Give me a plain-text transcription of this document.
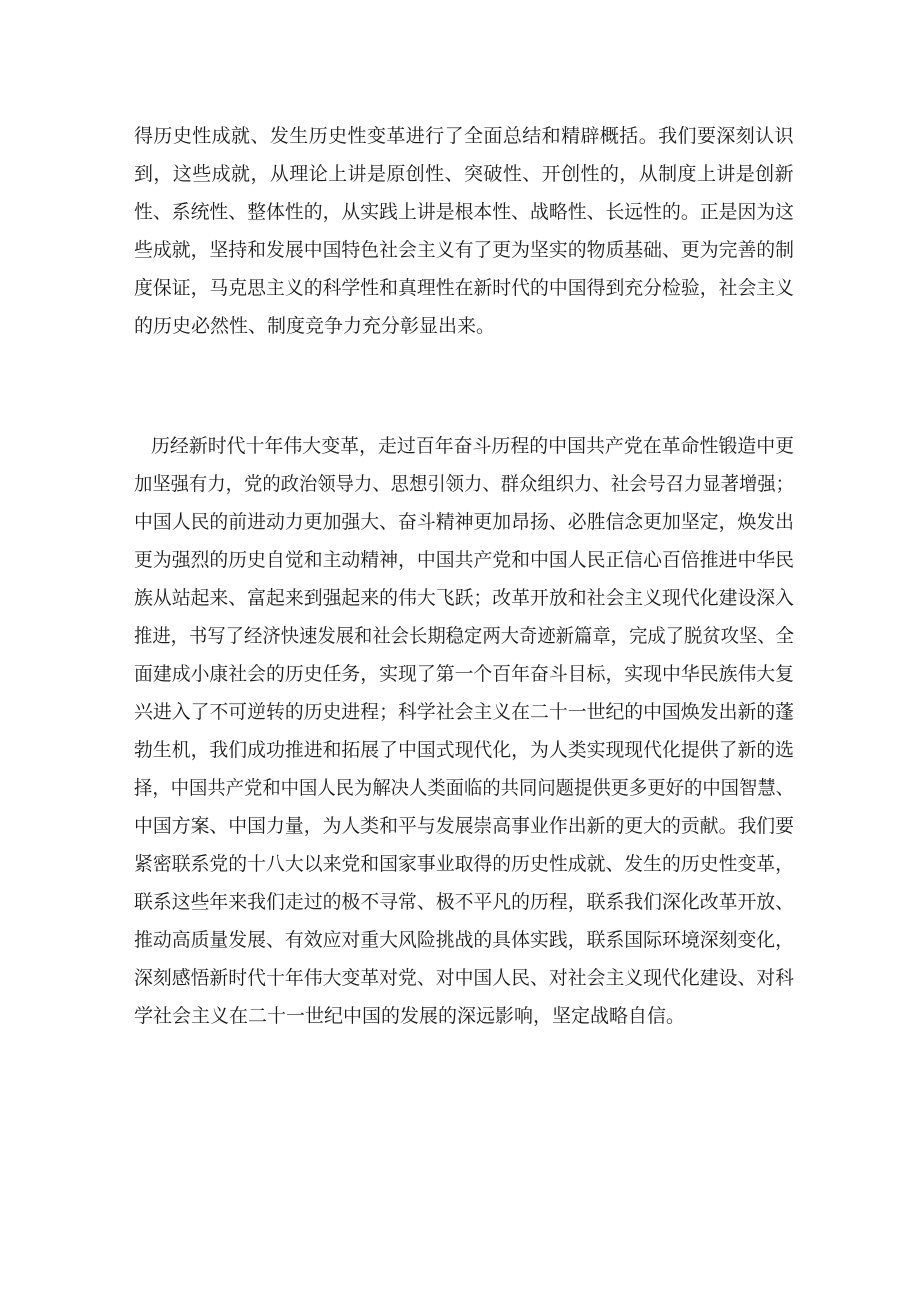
得历史性成就、发生历史性变革进行了全面总结和精辟概括。我们要深刻认识
到，这些成就，从理论上讲是原创性、突破性、开创性的，从制度上讲是创新
性、系统性、整体性的，从实践上讲是根本性、战略性、长远性的。正是因为这
些成就，坚持和发展中国特色社会主义有了更为坚实的物质基础、更为完善的制
度保证，马克思主义的科学性和真理性在新时代的中国得到充分检验，社会主义
的历史必然性、制度竞争力充分彰显出来。
历经新时代十年伟大变革，走过百年奋斗历程的中国共产党在革命性锻造中更
加坚强有力，党的政治领导力、思想引领力、群众组织力、社会号召力显著增强；
中国人民的前进动力更加强大、奋斗精神更加昂扬、必胜信念更加坚定，焕发出
更为强烈的历史自觉和主动精神，中国共产党和中国人民正信心百倍推进中华民
族从站起来、富起来到强起来的伟大飞跃；改革开放和社会主义现代化建设深入
推进，书写了经济快速发展和社会长期稳定两大奇迹新篇章，完成了脱贫攻坚、全
面建成小康社会的历史任务，实现了第一个百年奋斗目标，实现中华民族伟大复
兴进入了不可逆转的历史进程；科学社会主义在二十一世纪的中国焕发出新的蓬
勃生机，我们成功推进和拓展了中国式现代化，为人类实现现代化提供了新的选
择，中国共产党和中国人民为解决人类面临的共同问题提供更多更好的中国智慧、
中国方案、中国力量，为人类和平与发展崇高事业作出新的更大的贡献。我们要
紧密联系党的十八大以来党和国家事业取得的历史性成就、发生的历史性变革，
联系这些年来我们走过的极不寻常、极不平凡的历程，联系我们深化改革开放、
推动高质量发展、有效应对重大风险挑战的具体实践，联系国际环境深刻变化，
深刻感悟新时代十年伟大变革对党、对中国人民、对社会主义现代化建设、对科
学社会主义在二十一世纪中国的发展的深远影响，坚定战略自信。
